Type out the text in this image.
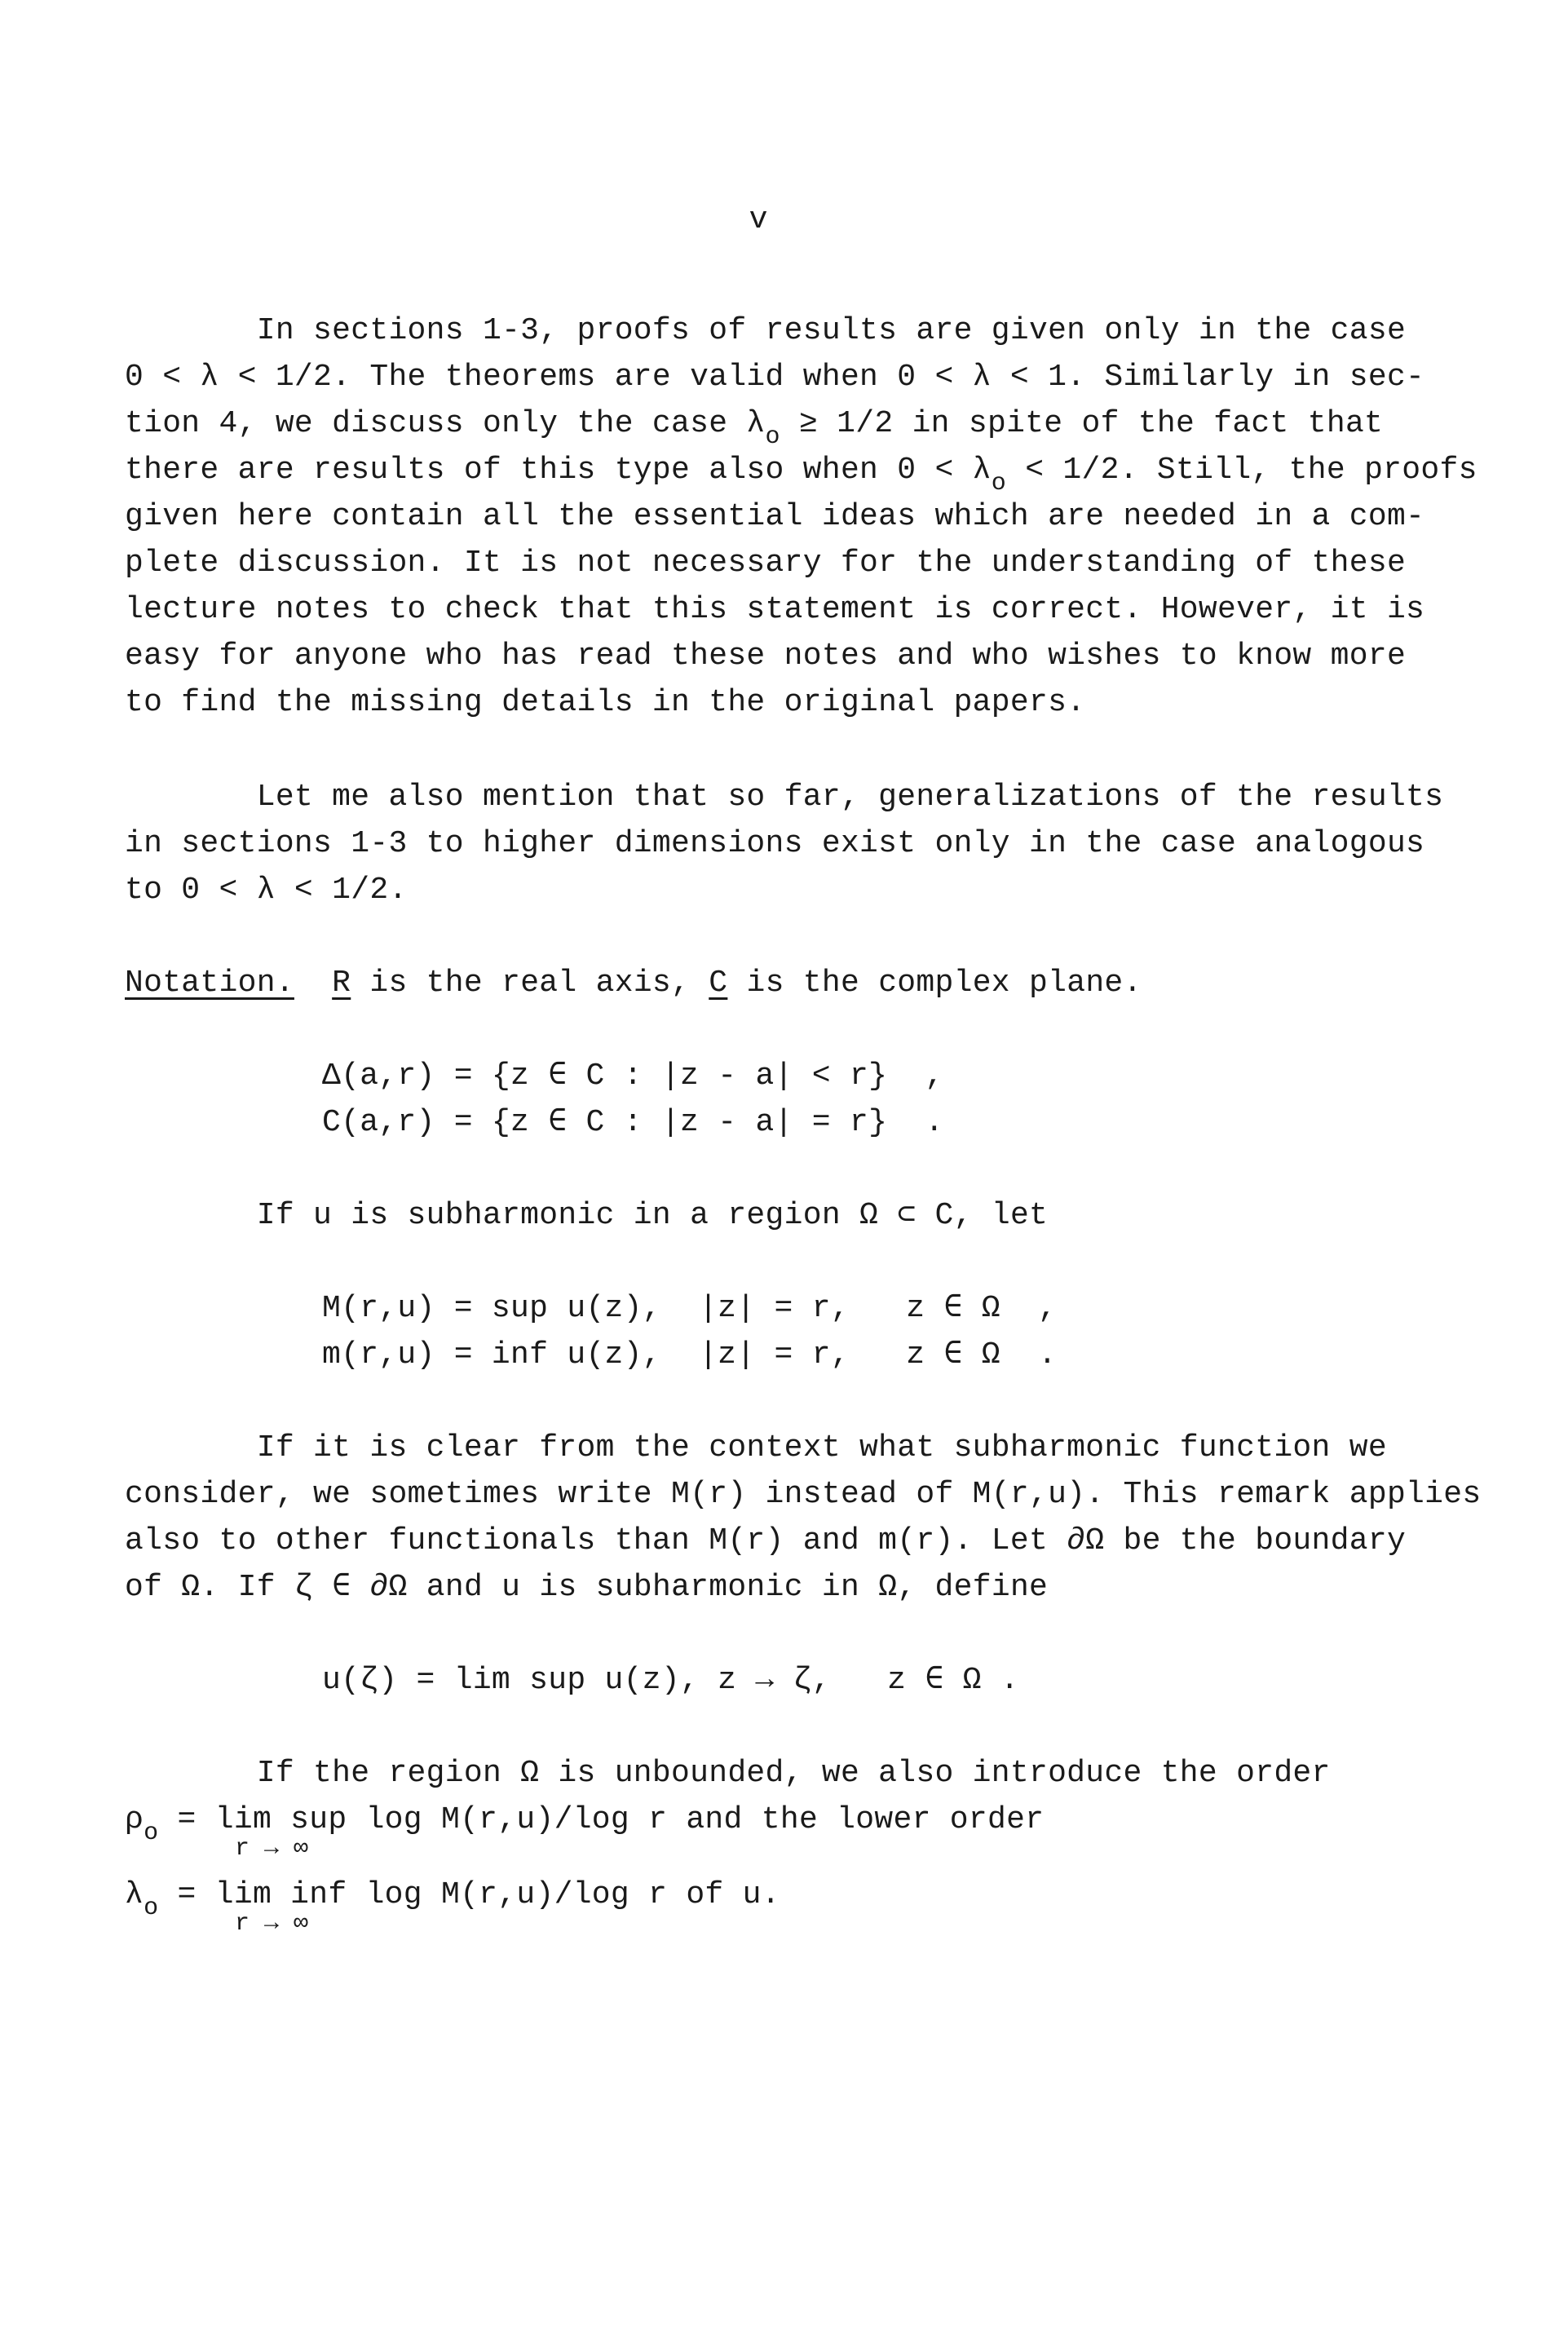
v
In sections 1-3, proofs of results are given only in the case
0 < λ < 1/2. The theorems are valid when 0 < λ < 1. Similarly in sec-
tion 4, we discuss only the case $\lambda_o \ge 1/2$ in spite of the fact that
there are results of this type also when $0 < \lambda_o < 1/2$. Still, the proofs
given here contain all the essential ideas which are needed in a com-
plete discussion. It is not necessary for the understanding of these
lecture notes to check that this statement is correct. However, it is
easy for anyone who has read these notes and who wishes to know more
to find the missing details in the original papers.
Let me also mention that so far, generalizations of the results
in sections 1-3 to higher dimensions exist only in the case analogous
to 0 < λ < 1/2.
Notation. R is the real axis, C is the complex plane.
Δ(a,r) = {z ∈ C : |z - a| < r}  ,
C(a,r) = {z ∈ C : |z - a| = r}  .
If u is subharmonic in a region Ω ⊂ C, let
M(r,u) = sup u(z),  |z| = r,   z ∈ Ω  ,
m(r,u) = inf u(z),  |z| = r,   z ∈ Ω  .
If it is clear from the context what subharmonic function we
consider, we sometimes write M(r) instead of M(r,u). This remark applies
also to other functionals than M(r) and m(r). Let ∂Ω be the boundary
of Ω. If ζ ∈ ∂Ω and u is subharmonic in Ω, define
u(ζ) = lim sup u(z), z → ζ,   z ∈ Ω .
If the region Ω is unbounded, we also introduce the order
$\rho_o = \lim$ sup log M(r,u)/log r and the lower order
r → ∞
$\lambda_o = \lim$ inf log M(r,u)/log r of u.
r → ∞
